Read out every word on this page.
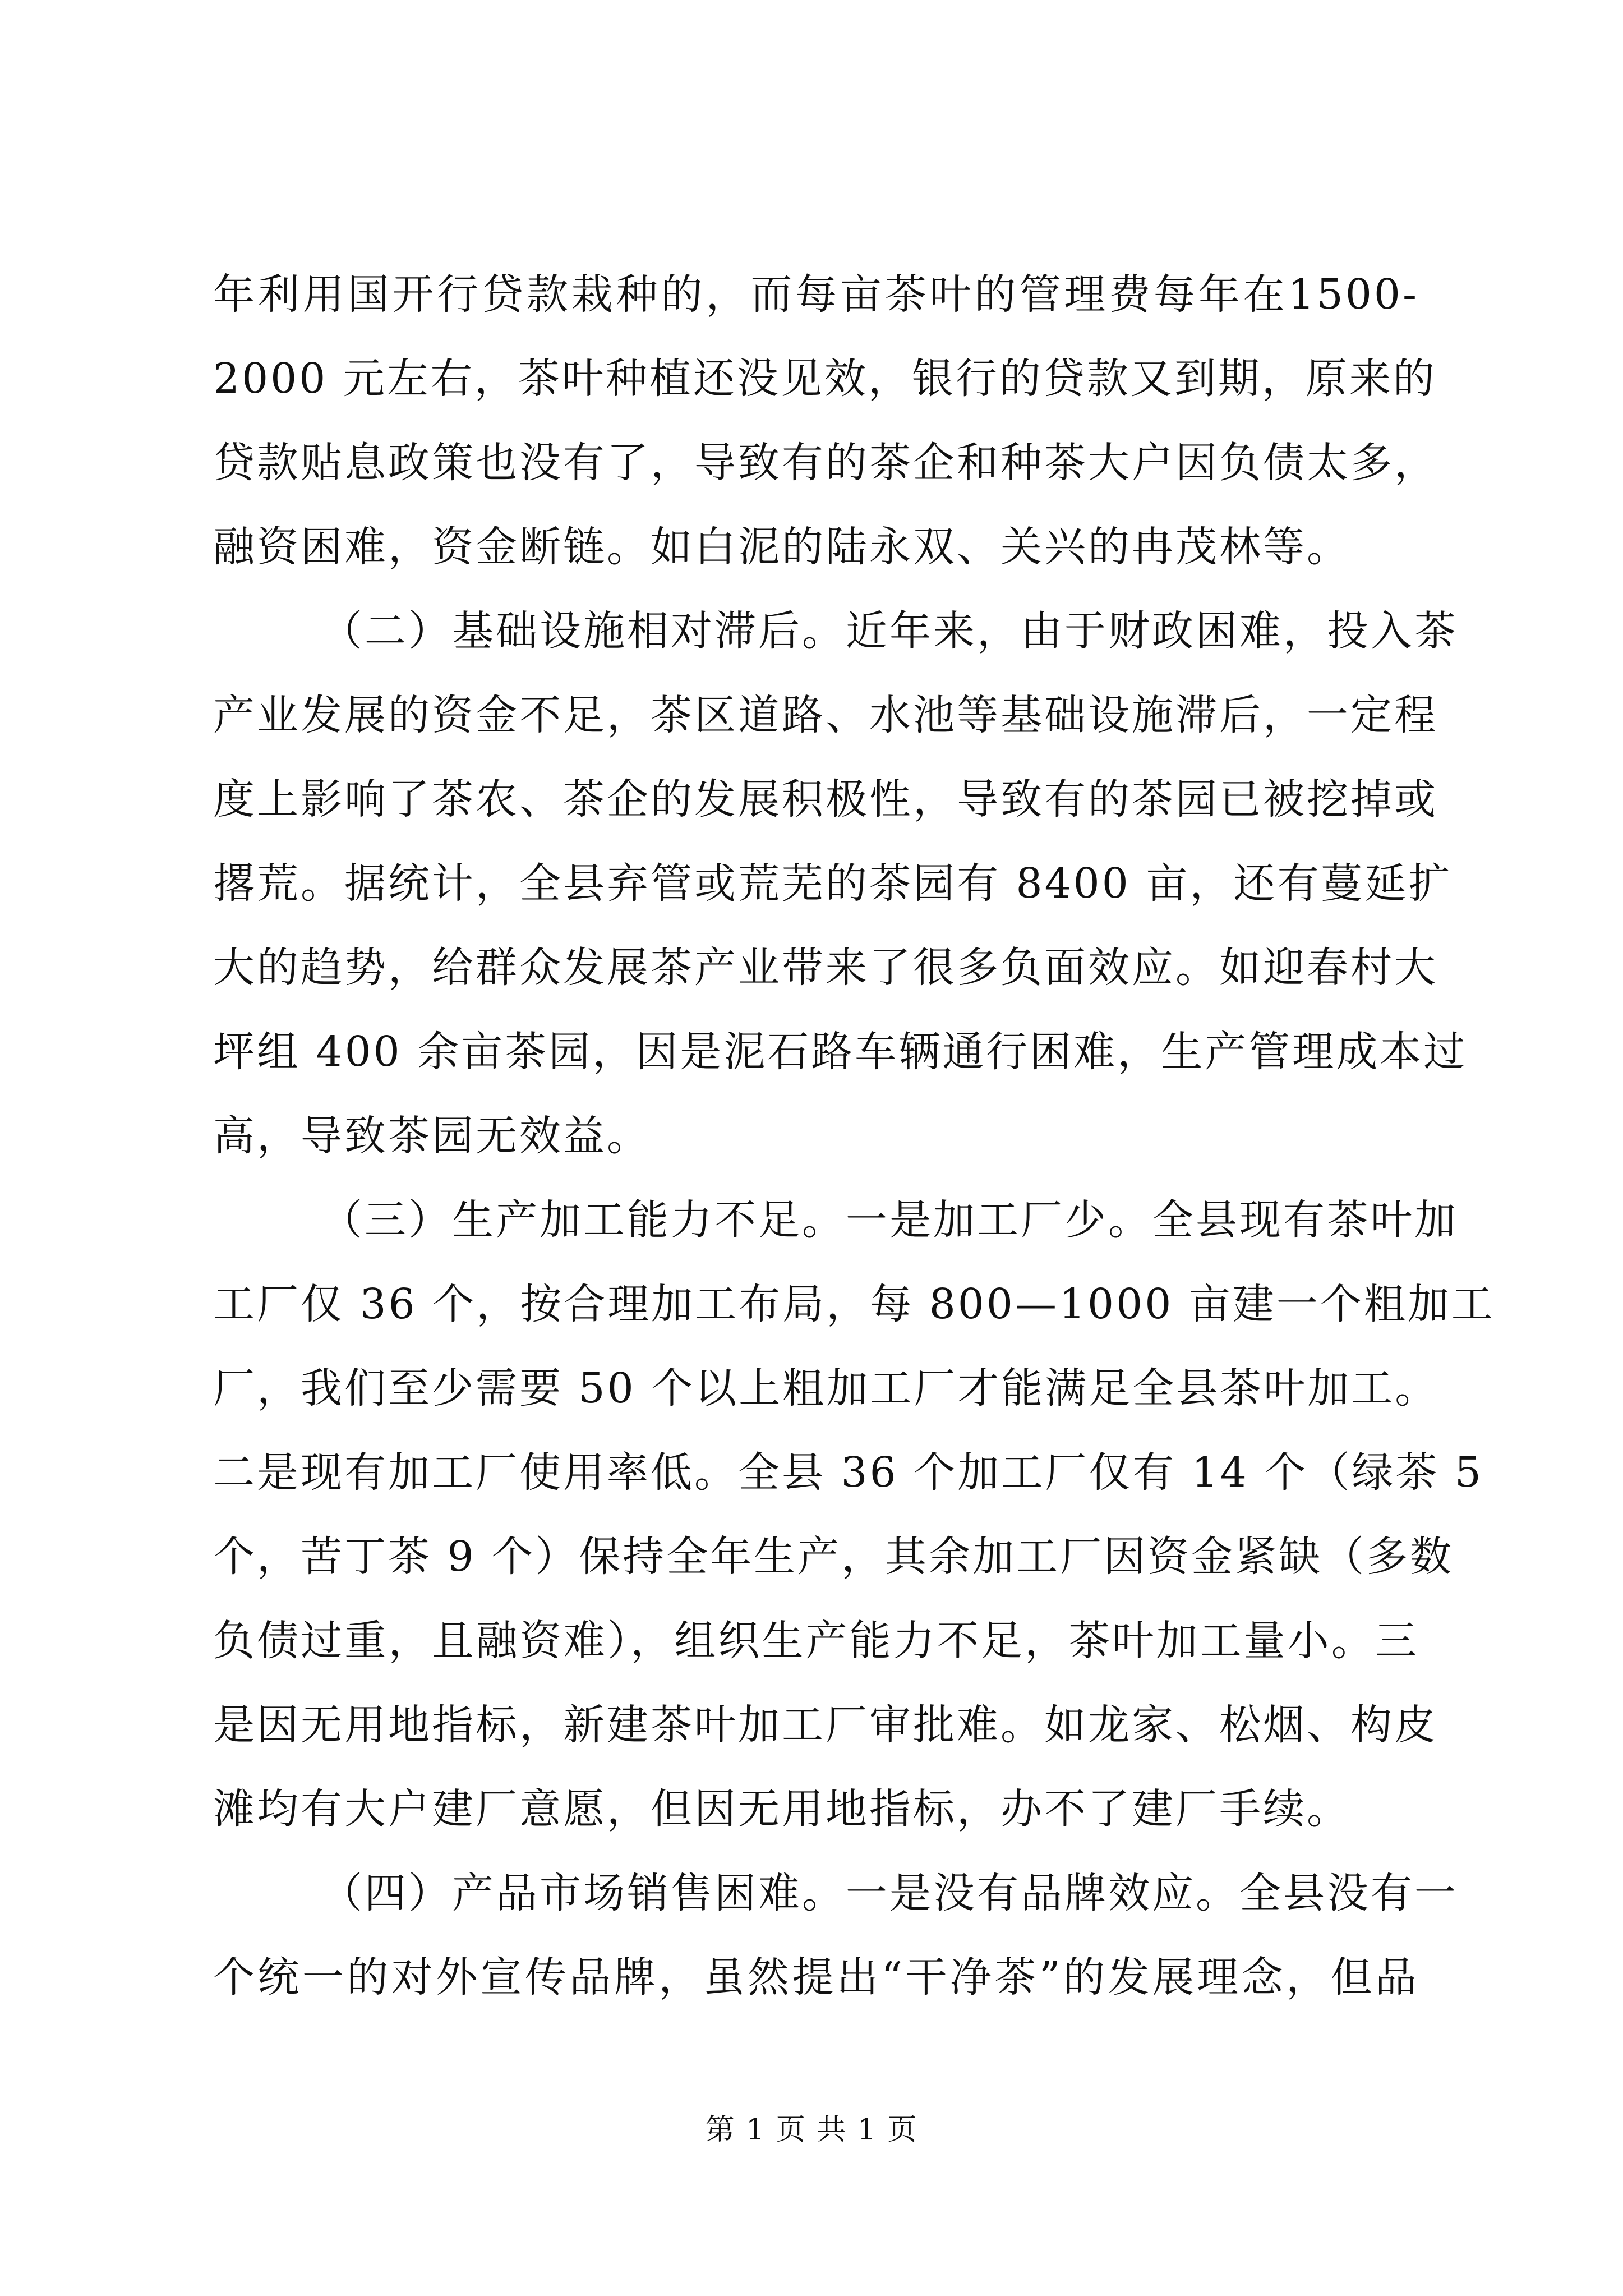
年利用国开行贷款栽种的，而每亩茶叶的管理费每年在1500-
2000 元左右，茶叶种植还没见效，银行的贷款又到期，原来的
贷款贴息政策也没有了，导致有的茶企和种茶大户因负债太多，
融资困难，资金断链。如白泥的陆永双、关兴的冉茂林等。
（二）基础设施相对滞后。近年来，由于财政困难，投入茶
产业发展的资金不足，茶区道路、水池等基础设施滞后，一定程
度上影响了茶农、茶企的发展积极性，导致有的茶园已被挖掉或
撂荒。据统计，全县弃管或荒芜的茶园有 8400 亩，还有蔓延扩
大的趋势，给群众发展茶产业带来了很多负面效应。如迎春村大
坪组 400 余亩茶园，因是泥石路车辆通行困难，生产管理成本过
高，导致茶园无效益。
（三）生产加工能力不足。一是加工厂少。全县现有茶叶加
工厂仅 36 个，按合理加工布局，每 800—1000 亩建一个粗加工
厂，我们至少需要 50 个以上粗加工厂才能满足全县茶叶加工。
二是现有加工厂使用率低。全县 36 个加工厂仅有 14 个（绿茶 5
个，苦丁茶 9 个）保持全年生产，其余加工厂因资金紧缺（多数
负债过重，且融资难），组织生产能力不足，茶叶加工量小。三
是因无用地指标，新建茶叶加工厂审批难。如龙家、松烟、构皮
滩均有大户建厂意愿，但因无用地指标，办不了建厂手续。
（四）产品市场销售困难。一是没有品牌效应。全县没有一
个统一的对外宣传品牌，虽然提出“干净茶”的发展理念，但品
第 1 页 共 1 页
